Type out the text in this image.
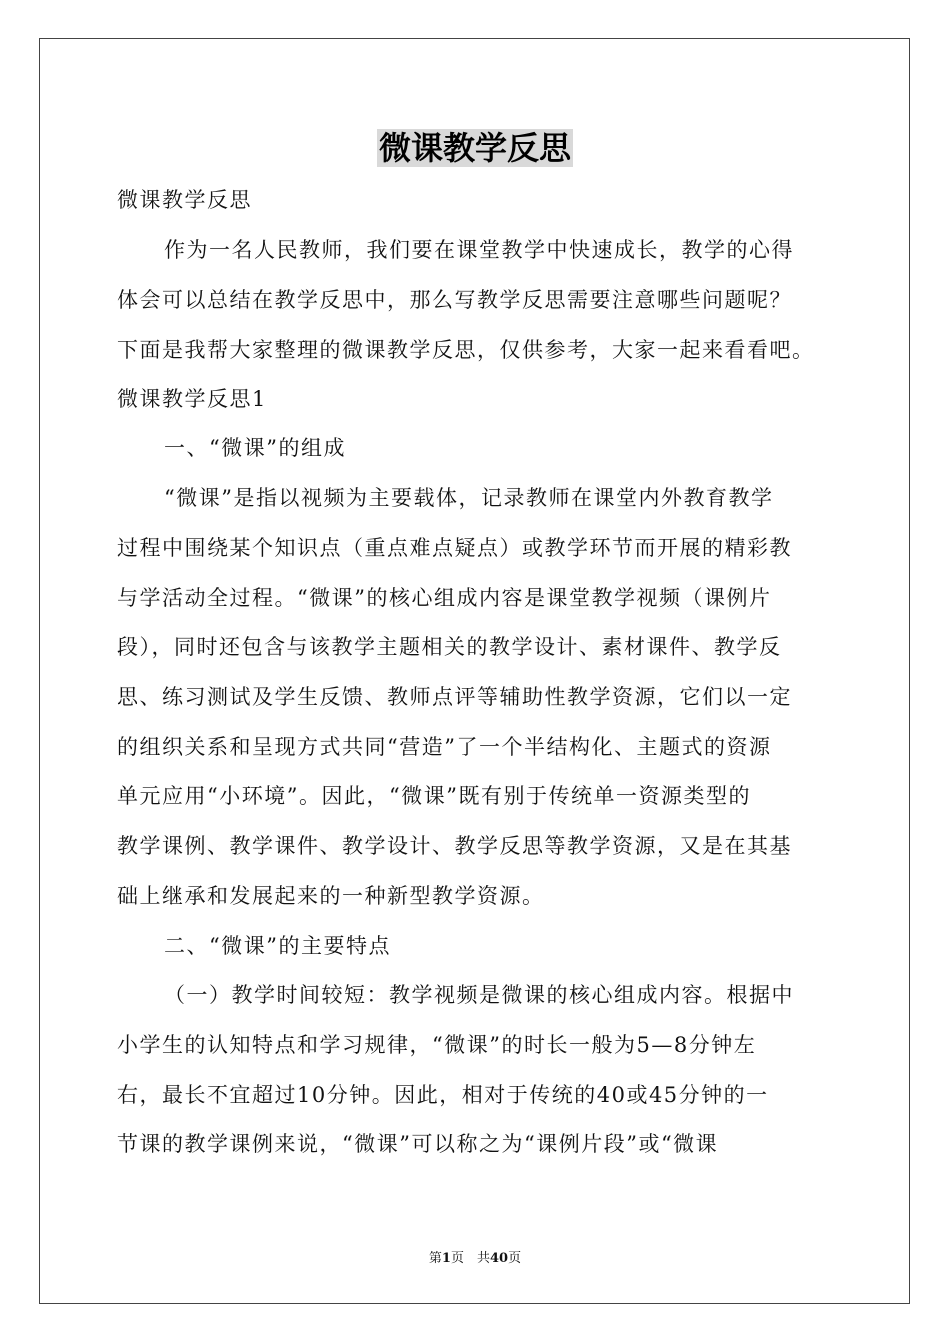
微课教学反思
微课教学反思
作为一名人民教师，我们要在课堂教学中快速成长，教学的心得
体会可以总结在教学反思中，那么写教学反思需要注意哪些问题呢？
下面是我帮大家整理的微课教学反思，仅供参考，大家一起来看看吧。
微课教学反思1
一、“微课”的组成
“微课”是指以视频为主要载体，记录教师在课堂内外教育教学
过程中围绕某个知识点（重点难点疑点）或教学环节而开展的精彩教
与学活动全过程。“微课”的核心组成内容是课堂教学视频（课例片
段），同时还包含与该教学主题相关的教学设计、素材课件、教学反
思、练习测试及学生反馈、教师点评等辅助性教学资源，它们以一定
的组织关系和呈现方式共同“营造”了一个半结构化、主题式的资源
单元应用“小环境”。因此，“微课”既有别于传统单一资源类型的
教学课例、教学课件、教学设计、教学反思等教学资源，又是在其基
础上继承和发展起来的一种新型教学资源。
二、“微课”的主要特点
（一）教学时间较短：教学视频是微课的核心组成内容。根据中
小学生的认知特点和学习规律，“微课”的时长一般为5—8分钟左
右，最长不宜超过10分钟。因此，相对于传统的40或45分钟的一
节课的教学课例来说，“微课”可以称之为“课例片段”或“微课
第1页　共40页
